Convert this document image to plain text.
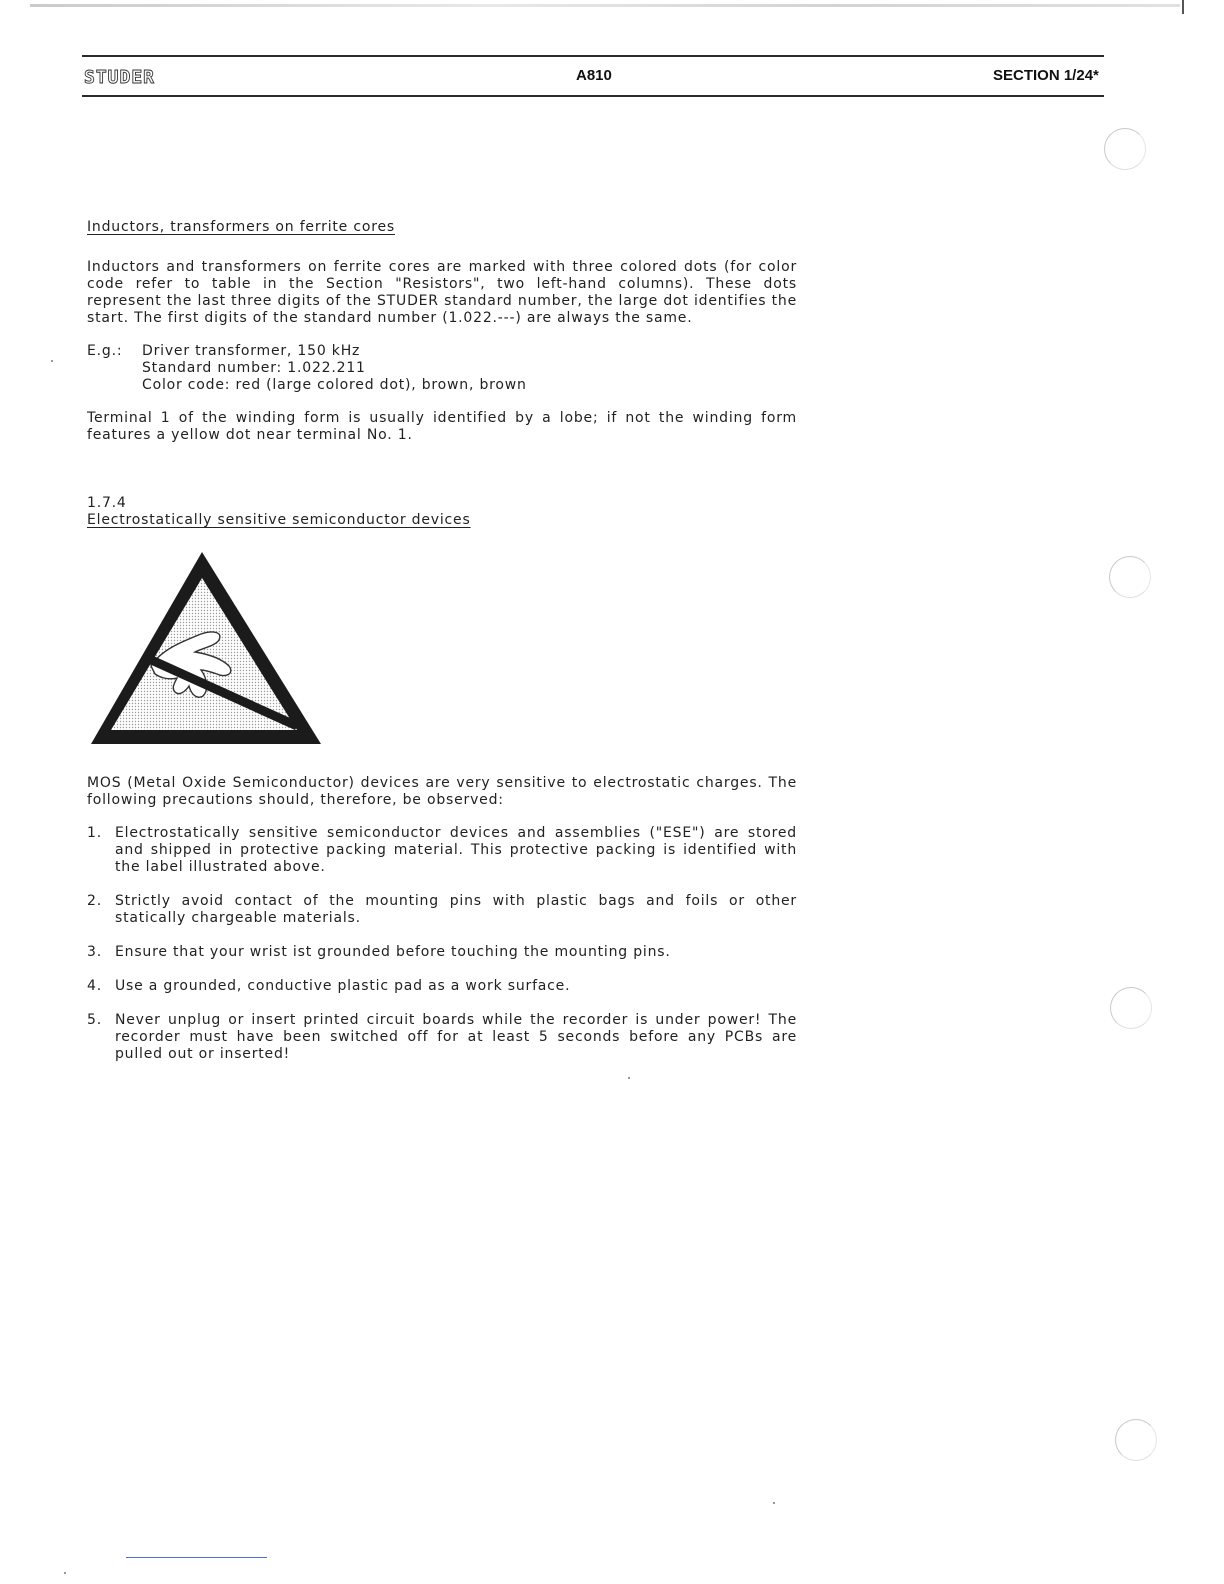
STUDER	A810	SECTION 1/24*

Inductors, transformers on ferrite cores

Inductors and transformers on ferrite cores are marked with three colored dots (for color code refer to table in the Section "Resistors", two left-hand columns). These dots represent the last three digits of the STUDER standard number, the large dot identifies the start. The first digits of the standard number (1.022.---) are always the same.

E.g.:	Driver transformer, 150 kHz
Standard number: 1.022.211
Color code: red (large colored dot), brown, brown

Terminal 1 of the winding form is usually identified by a lobe; if not the winding form features a yellow dot near terminal No. 1.

1.7.4

Electrostatically sensitive semiconductor devices

MOS (Metal Oxide Semiconductor) devices are very sensitive to electrostatic charges. The following precautions should, therefore, be observed:

1. Electrostatically sensitive semiconductor devices and assemblies ("ESE") are stored and shipped in protective packing material. This protective packing is identified with the label illustrated above.
2. Strictly avoid contact of the mounting pins with plastic bags and foils or other statically chargeable materials.
3. Ensure that your wrist ist grounded before touching the mounting pins.
4. Use a grounded, conductive plastic pad as a work surface.
5. Never unplug or insert printed circuit boards while the recorder is under power! The recorder must have been switched off for at least 5 seconds before any PCBs are pulled out or inserted!
